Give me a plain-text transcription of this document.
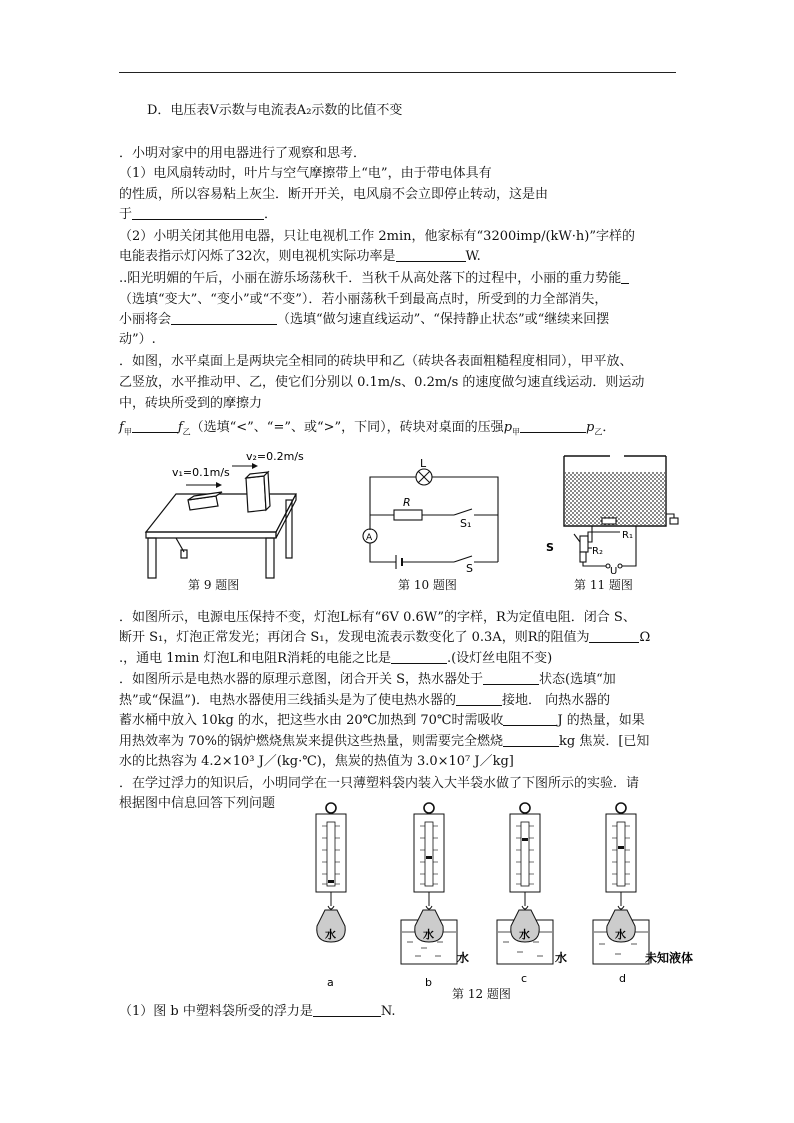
D．电压表Ⅴ示数与电流表A₂示数的比值不变
．小明对家中的用电器进行了观察和思考．
（1）电风扇转动时，叶片与空气摩擦带上“电”，由于带电体具有
的性质，所以容易粘上灰尘．断开开关，电风扇不会立即停止转动，这是由
于	．
（2）小明关闭其他用电器，只让电视机工作 2min，他家标有“3200imp/(kW·h)”字样的
电能表指示灯闪烁了32次，则电视机实际功率是	W.
..阳光明媚的午后，小丽在游乐场荡秋千．当秋千从高处落下的过程中，小丽的重力势能
（选填“变大”、“变小”或“不变”）．若小丽荡秋千到最高点时，所受到的力全部消失，
小丽将会	（选填“做匀速直线运动”、“保持静止状态”或“继续来回摆
动”）.
．如图，水平桌面上是两块完全相同的砖块甲和乙（砖块各表面粗糙程度相同），甲平放、
乙竖放，水平推动甲、乙，使它们分别以 0.1m/s、0.2m/s 的速度做匀速直线运动．则运动
中，砖块所受到的摩擦力
$f_甲$	$f_乙$（选填“<”、“=”、或“>”，下同），砖块对桌面的压强$p_甲$	$p_乙$．
v₁=0.1m/s
v₂=0.2m/s
第 9 题图
L
R
S₁
S
A
第 10 题图
S	R₂
R₁
U
第 11 题图
．如图所示，电源电压保持不变，灯泡L标有“6V 0.6W”的字样，R为定值电阻．闭合 S、
断开 S₁，灯泡正常发光；再闭合 S₁，发现电流表示数变化了 0.3A，则R的阻值为	Ω
.，通电 1min 灯泡L和电阻R消耗的电能之比是	.(设灯丝电阻不变)
．如图所示是电热水器的原理示意图，闭合开关 S，热水器处于	状态(选填“加
热”或“保温”)．电热水器使用三线插头是为了使电热水器的	接地． 向热水器的
蓄水桶中放入 10kg 的水，把这些水由 20℃加热到 70℃时需吸收	J 的热量，如果
用热效率为 70%的锅炉燃烧焦炭来提供这些热量，则需要完全燃烧	kg 焦炭．[已知
水的比热容为 4.2×10³ J／(kg·℃)，焦炭的热值为 3.0×10⁷ J／kg]
．在学过浮力的知识后，小明同学在一只薄塑料袋内装入大半袋水做了下图所示的实验．请
根据图中信息回答下列问题
水	水
水
水
水
水
未知液体
a	b	c	d
第 12 题图
（1）图 b 中塑料袋所受的浮力是	N.
